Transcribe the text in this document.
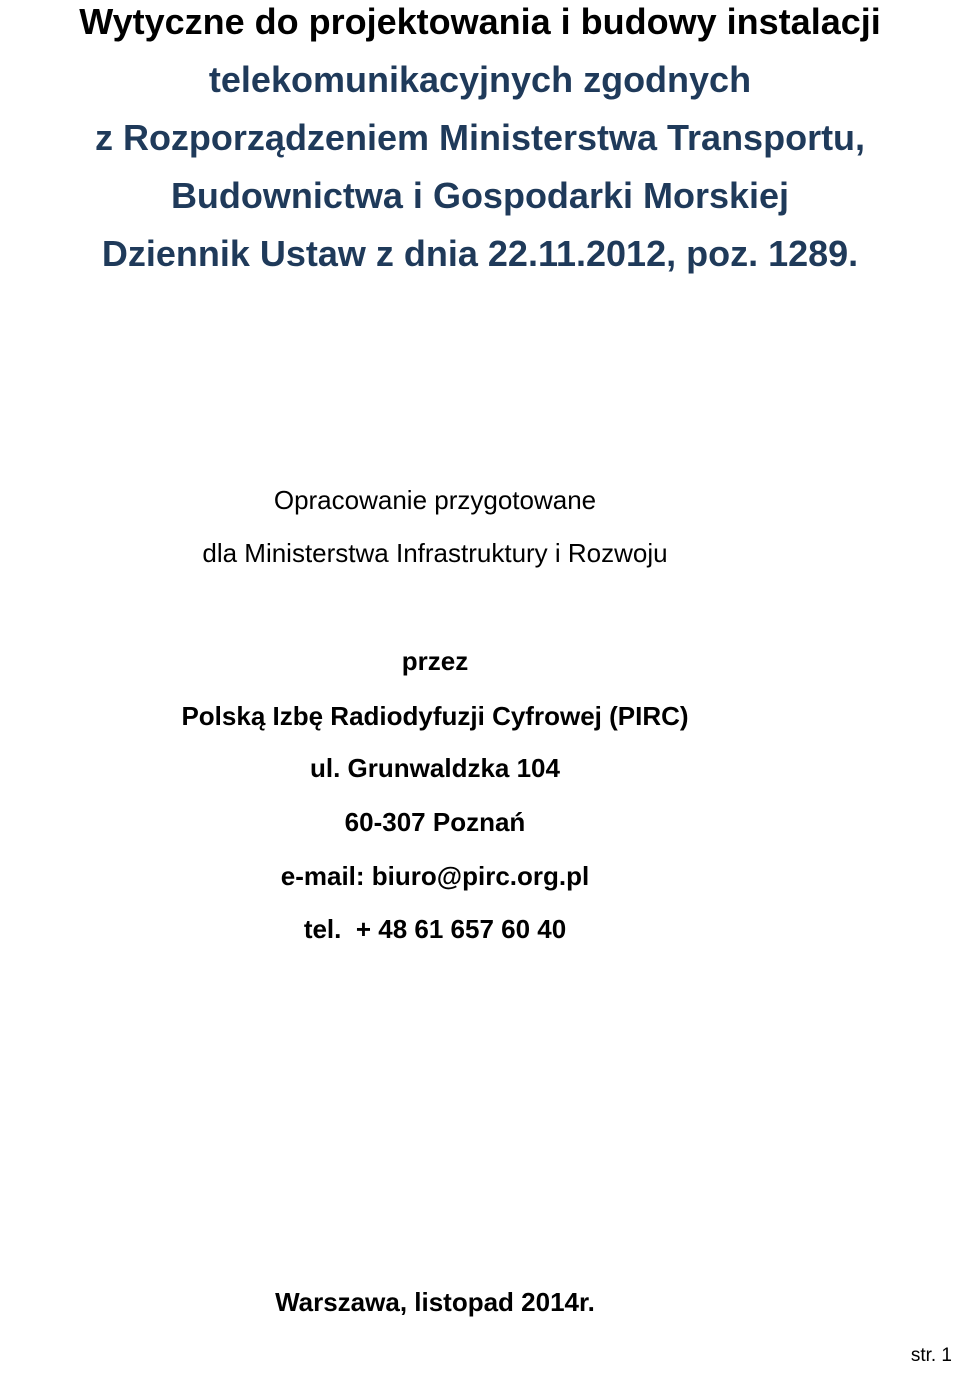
Wytyczne do projektowania i budowy instalacji
telekomunikacyjnych zgodnych
z Rozporządzeniem Ministerstwa Transportu,
Budownictwa i Gospodarki Morskiej
Dziennik Ustaw z dnia 22.11.2012, poz. 1289.
Opracowanie przygotowane
dla Ministerstwa Infrastruktury i Rozwoju
przez
Polską Izbę Radiodyfuzji Cyfrowej (PIRC)
ul. Grunwaldzka 104
60-307 Poznań
e-mail: biuro@pirc.org.pl
tel.  + 48 61 657 60 40
Warszawa, listopad 2014r.
str. 1
